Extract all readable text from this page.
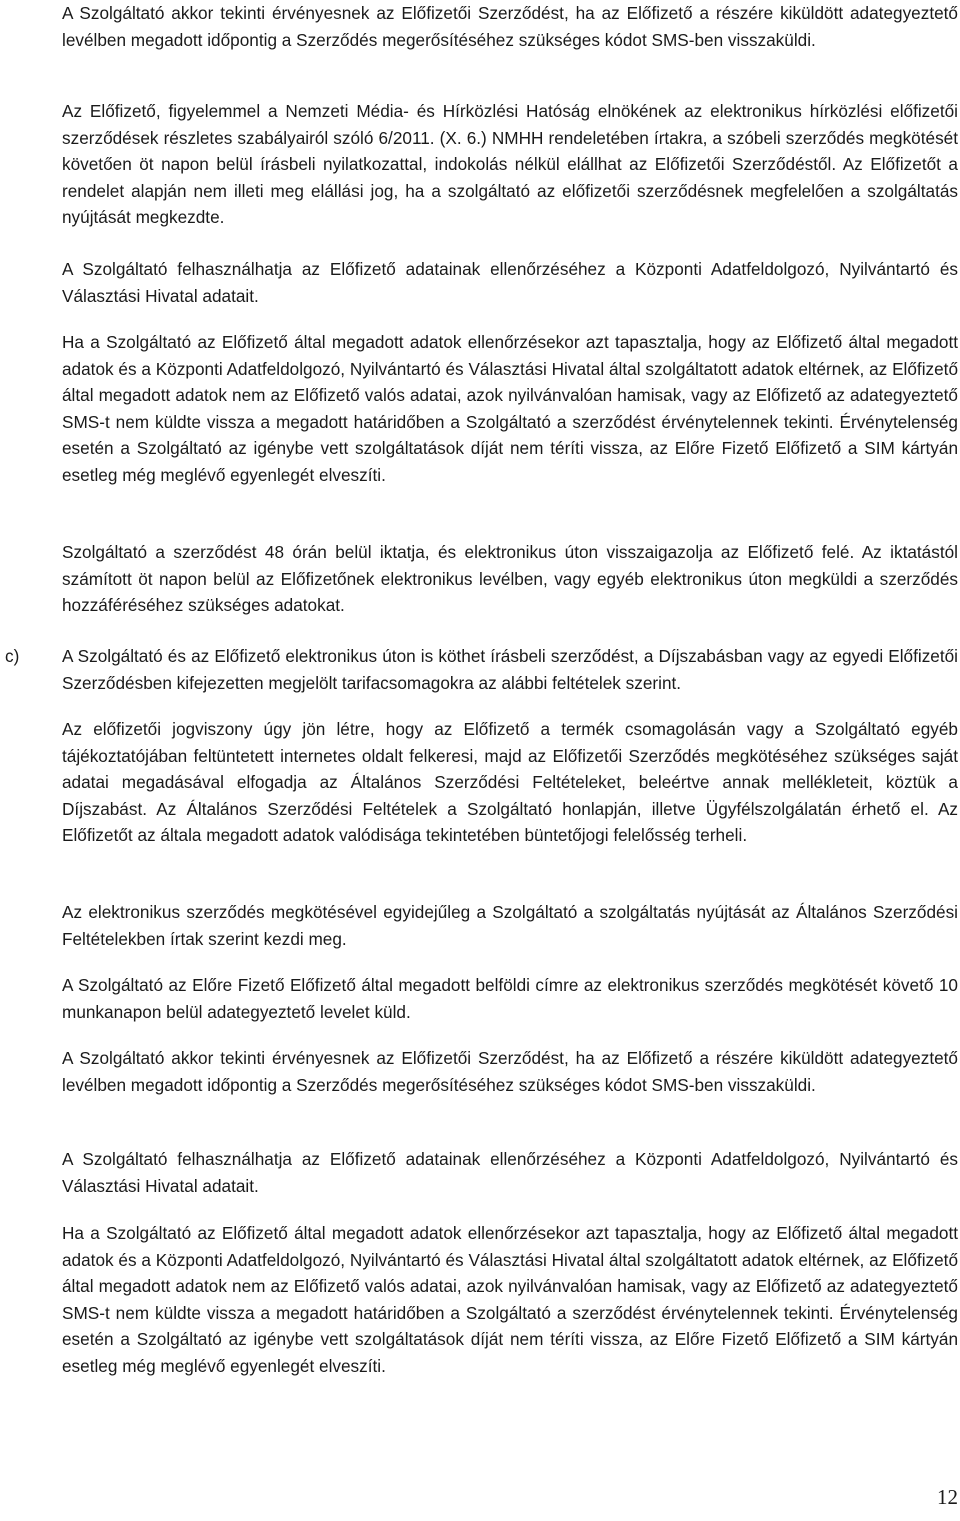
A Szolgáltató akkor tekinti érvényesnek az Előfizetői Szerződést, ha az Előfizető a részére kiküldött adategyeztető levélben megadott időpontig a Szerződés megerősítéséhez szükséges kódot SMS-ben visszaküldi.

Az Előfizető, figyelemmel a Nemzeti Média- és Hírközlési Hatóság elnökének az elektronikus hírközlési előfizetői szerződések részletes szabályairól szóló 6/2011. (X. 6.) NMHH rendeletében írtakra, a szóbeli szerződés megkötését követően öt napon belül írásbeli nyilatkozattal, indokolás nélkül elállhat az Előfizetői Szerződéstől. Az Előfizetőt a rendelet alapján nem illeti meg elállási jog, ha a szolgáltató az előfizetői szerződésnek megfelelően a szolgáltatás nyújtását megkezdte.

A Szolgáltató felhasználhatja az Előfizető adatainak ellenőrzéséhez a Központi Adatfeldolgozó, Nyilvántartó és Választási Hivatal adatait.

Ha a Szolgáltató az Előfizető által megadott adatok ellenőrzésekor azt tapasztalja, hogy az Előfizető által megadott adatok és a Központi Adatfeldolgozó, Nyilvántartó és Választási Hivatal által szolgáltatott adatok eltérnek, az Előfizető által megadott adatok nem az Előfizető valós adatai, azok nyilvánvalóan hamisak, vagy az Előfizető az adategyeztető SMS-t nem küldte vissza a megadott határidőben a Szolgáltató a szerződést érvénytelennek tekinti. Érvénytelenség esetén a Szolgáltató az igénybe vett szolgáltatások díját nem téríti vissza, az Előre Fizető Előfizető a SIM kártyán esetleg még meglévő egyenlegét elveszíti.

Szolgáltató a szerződést 48 órán belül iktatja, és elektronikus úton visszaigazolja az Előfizető felé. Az iktatástól számított öt napon belül az Előfizetőnek elektronikus levélben, vagy egyéb elektronikus úton megküldi a szerződés hozzáféréséhez szükséges adatokat.

c) A Szolgáltató és az Előfizető elektronikus úton is köthet írásbeli szerződést, a Díjszabásban vagy az egyedi Előfizetői Szerződésben kifejezetten megjelölt tarifacsomagokra az alábbi feltételek szerint.

Az előfizetői jogviszony úgy jön létre, hogy az Előfizető a termék csomagolásán vagy a Szolgáltató egyéb tájékoztatójában feltüntetett internetes oldalt felkeresi, majd az Előfizetői Szerződés megkötéséhez szükséges saját adatai megadásával elfogadja az Általános Szerződési Feltételeket, beleértve annak mellékleteit, köztük a Díjszabást. Az Általános Szerződési Feltételek a Szolgáltató honlapján, illetve Ügyfélszolgálatán érhető el. Az Előfizetőt az általa megadott adatok valódisága tekintetében büntetőjogi felelősség terheli.

Az elektronikus szerződés megkötésével egyidejűleg a Szolgáltató a szolgáltatás nyújtását az Általános Szerződési Feltételekben írtak szerint kezdi meg.

A Szolgáltató az Előre Fizető Előfizető által megadott belföldi címre az elektronikus szerződés megkötését követő 10 munkanapon belül adategyeztető levelet küld.

A Szolgáltató akkor tekinti érvényesnek az Előfizetői Szerződést, ha az Előfizető a részére kiküldött adategyeztető levélben megadott időpontig a Szerződés megerősítéséhez szükséges kódot SMS-ben visszaküldi.

A Szolgáltató felhasználhatja az Előfizető adatainak ellenőrzéséhez a Központi Adatfeldolgozó, Nyilvántartó és Választási Hivatal adatait.

Ha a Szolgáltató az Előfizető által megadott adatok ellenőrzésekor azt tapasztalja, hogy az Előfizető által megadott adatok és a Központi Adatfeldolgozó, Nyilvántartó és Választási Hivatal által szolgáltatott adatok eltérnek, az Előfizető által megadott adatok nem az Előfizető valós adatai, azok nyilvánvalóan hamisak, vagy az Előfizető az adategyeztető SMS-t nem küldte vissza a megadott határidőben a Szolgáltató a szerződést érvénytelennek tekinti. Érvénytelenség esetén a Szolgáltató az igénybe vett szolgáltatások díját nem téríti vissza, az Előre Fizető Előfizető a SIM kártyán esetleg még meglévő egyenlegét elveszíti.

12
